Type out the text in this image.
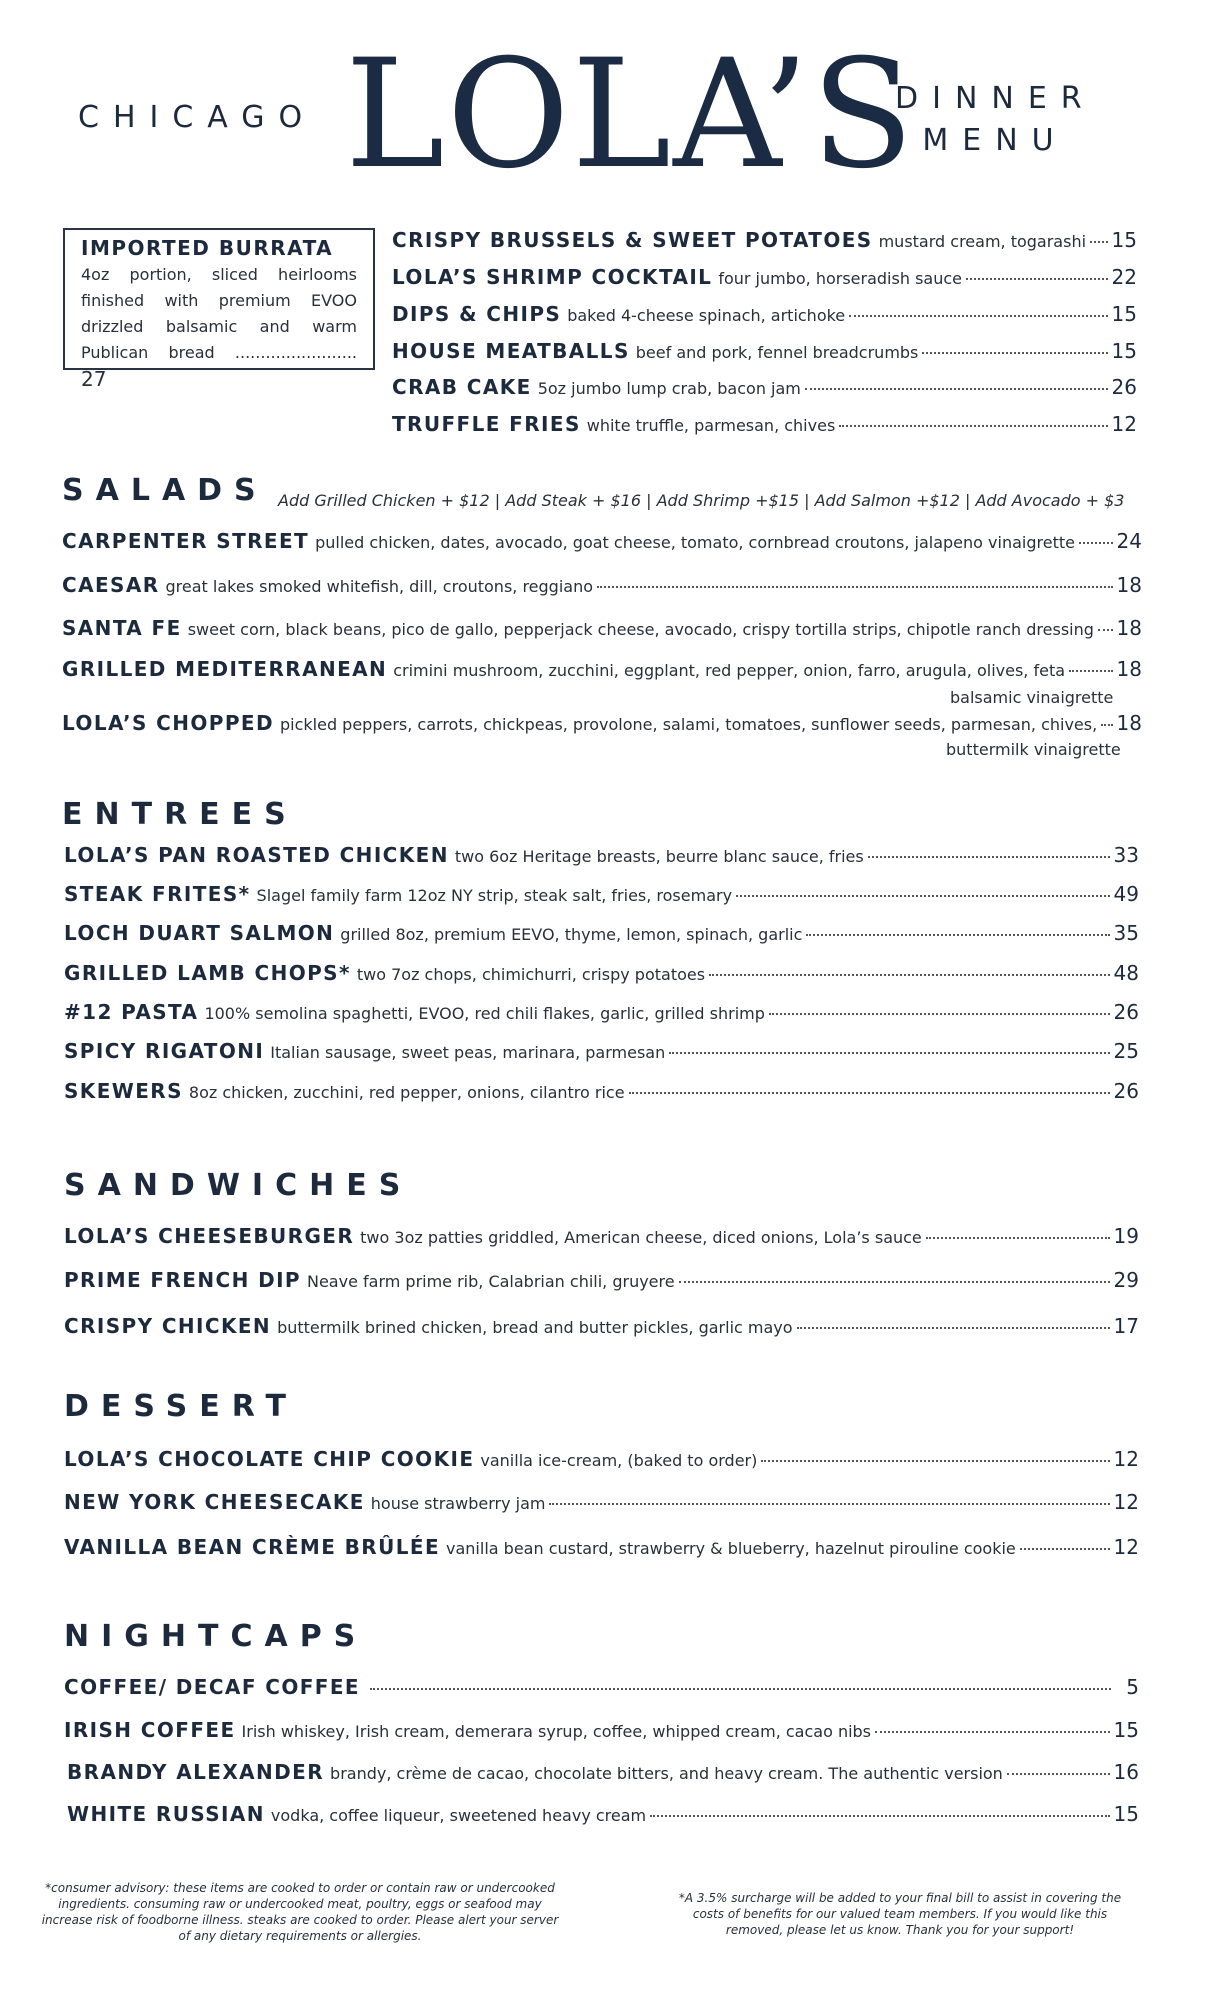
CHICAGO LOLA’S
DINNER
MENU
IMPORTED BURRATA
4oz portion, sliced heirlooms finished with premium EVOO drizzled balsamic and warm Publican bread ........................ 27
CRISPY BRUSSELS & SWEET POTATOES mustard cream, togarashi 15
LOLA’S SHRIMP COCKTAIL four jumbo, horseradish sauce	22
DIPS & CHIPS baked 4-cheese spinach, artichoke	15
HOUSE MEATBALLS beef and pork, fennel breadcrumbs	15
CRAB CAKE 5oz jumbo lump crab, bacon jam	26
TRUFFLE FRIES white truffle, parmesan, chives	12
SALADS Add Grilled Chicken + $12 | Add Steak + $16 | Add Shrimp +$15 | Add Salmon +$12 | Add Avocado + $3
CARPENTER STREET pulled chicken, dates, avocado, goat cheese, tomato, cornbread croutons, jalapeno vinaigrette 24
CAESAR great lakes smoked whitefish, dill, croutons, reggiano	18
SANTA FE sweet corn, black beans, pico de gallo, pepperjack cheese, avocado, crispy tortilla strips, chipotle ranch dressing 18
GRILLED MEDITERRANEAN crimini mushroom, zucchini, eggplant, red pepper, onion, farro, arugula, olives, feta	18
balsamic vinaigrette
LOLA’S CHOPPED pickled peppers, carrots, chickpeas, provolone, salami, tomatoes, sunflower seeds, parmesan, chives, 18
buttermilk vinaigrette
ENTREES
LOLA’S PAN ROASTED CHICKEN two 6oz Heritage breasts, beurre blanc sauce, fries	33
STEAK FRITES* Slagel family farm 12oz NY strip, steak salt, fries, rosemary	49
LOCH DUART SALMON grilled 8oz, premium EEVO, thyme, lemon, spinach, garlic	35
GRILLED LAMB CHOPS* two 7oz chops, chimichurri, crispy potatoes	48
#12 PASTA 100% semolina spaghetti, EVOO, red chili flakes, garlic, grilled shrimp	26
SPICY RIGATONI Italian sausage, sweet peas, marinara, parmesan	25
SKEWERS 8oz chicken, zucchini, red pepper, onions, cilantro rice	26
SANDWICHES
LOLA’S CHEESEBURGER two 3oz patties griddled, American cheese, diced onions, Lola’s sauce	19
PRIME FRENCH DIP Neave farm prime rib, Calabrian chili, gruyere	29
CRISPY CHICKEN buttermilk brined chicken, bread and butter pickles, garlic mayo	17
DESSERT
LOLA’S CHOCOLATE CHIP COOKIE vanilla ice-cream, (baked to order)	12
NEW YORK CHEESECAKE house strawberry jam	12
VANILLA BEAN CRÈME BRÛLÉE vanilla bean custard, strawberry & blueberry, hazelnut pirouline cookie	12
NIGHTCAPS
COFFEE/ DECAF COFFEE	5
IRISH COFFEE Irish whiskey, Irish cream, demerara syrup, coffee, whipped cream, cacao nibs	15
BRANDY ALEXANDER brandy, crème de cacao, chocolate bitters, and heavy cream. The authentic version	16
WHITE RUSSIAN vodka, coffee liqueur, sweetened heavy cream	15
*consumer advisory: these items are cooked to order or contain raw or undercooked ingredients. consuming raw or undercooked meat, poultry, eggs or seafood may increase risk of foodborne illness. steaks are cooked to order. Please alert your server of any dietary requirements or allergies.
*A 3.5% surcharge will be added to your final bill to assist in covering the costs of benefits for our valued team members. If you would like this removed, please let us know. Thank you for your support!
